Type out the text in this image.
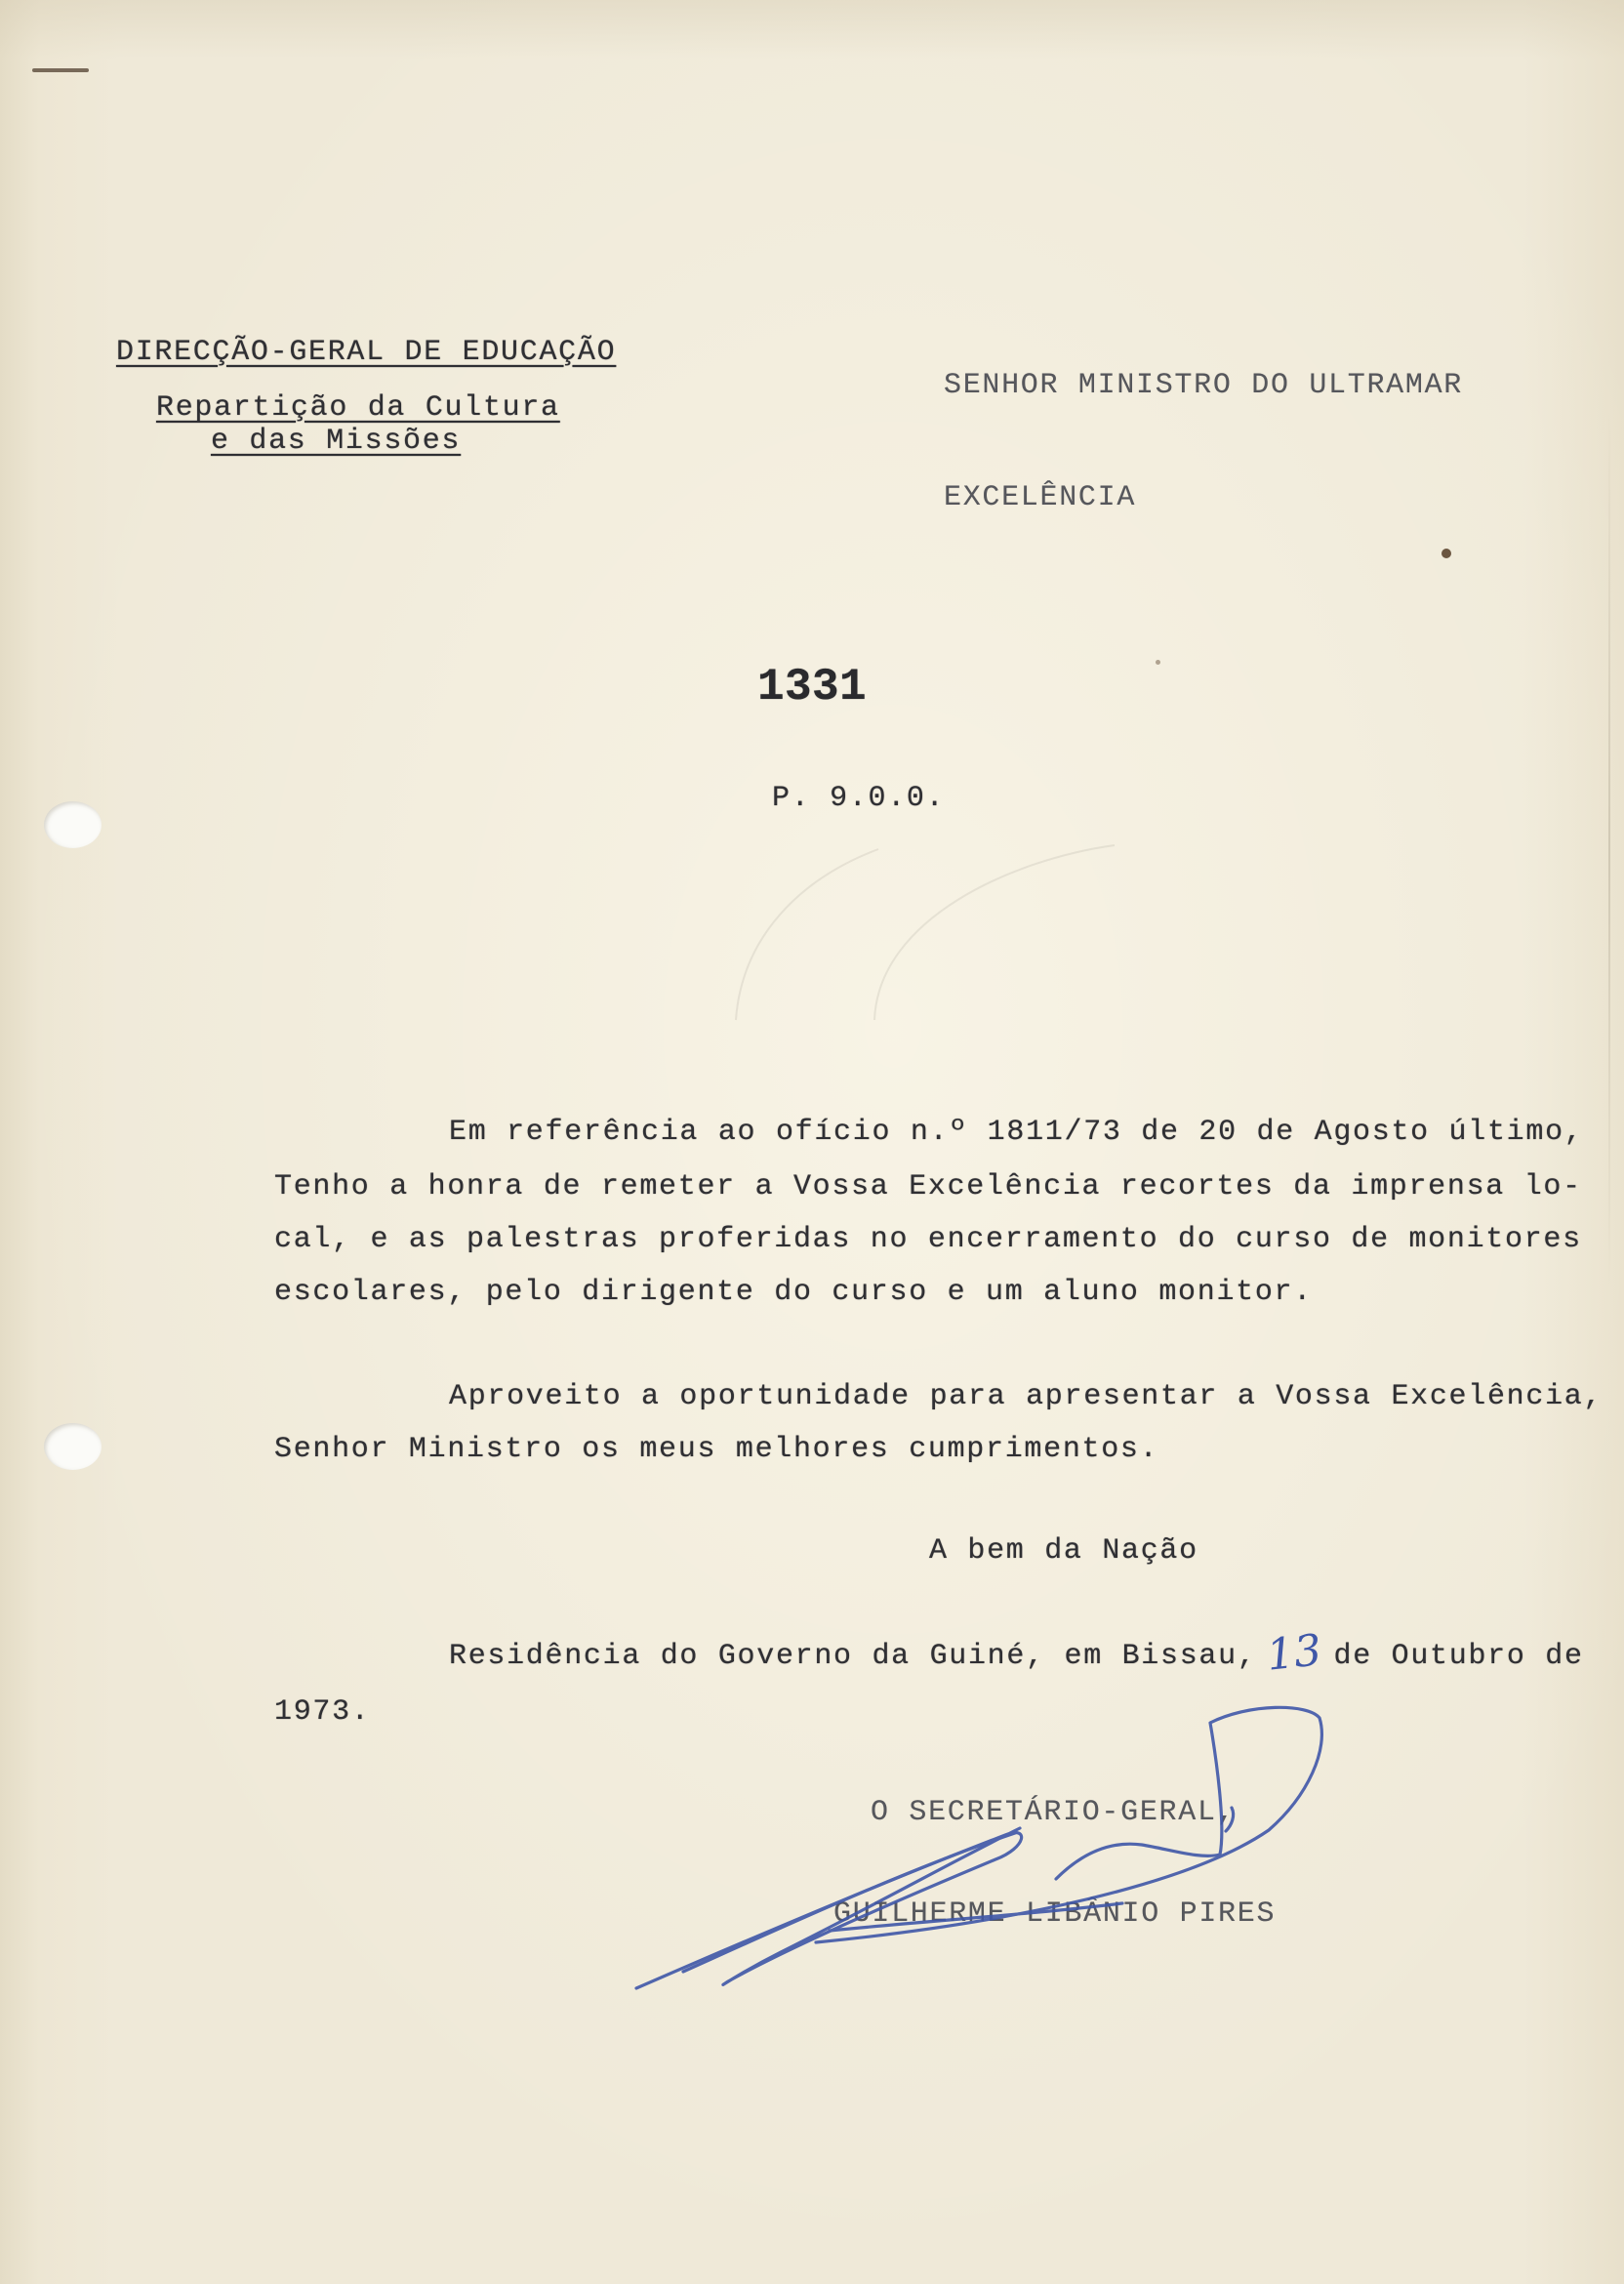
DIRECÇÃO-GERAL DE EDUCAÇÃO
Repartição da Cultura
e das Missões
SENHOR MINISTRO DO ULTRAMAR
EXCELÊNCIA
1331
P. 9.0.0.
Em referência ao ofício n.º 1811/73 de 20 de Agosto último,
Tenho a honra de remeter a Vossa Excelência recortes da imprensa lo-
cal, e as palestras proferidas no encerramento do curso de monitores
escolares, pelo dirigente do curso e um aluno monitor.
Aproveito a oportunidade para apresentar a Vossa Excelência,
Senhor Ministro os meus melhores cumprimentos.
A bem da Nação
Residência do Governo da Guiné, em Bissau, 13 de Outubro de
1973.
O SECRETÁRIO-GERAL,
GUILHERME LIBÂNIO PIRES
